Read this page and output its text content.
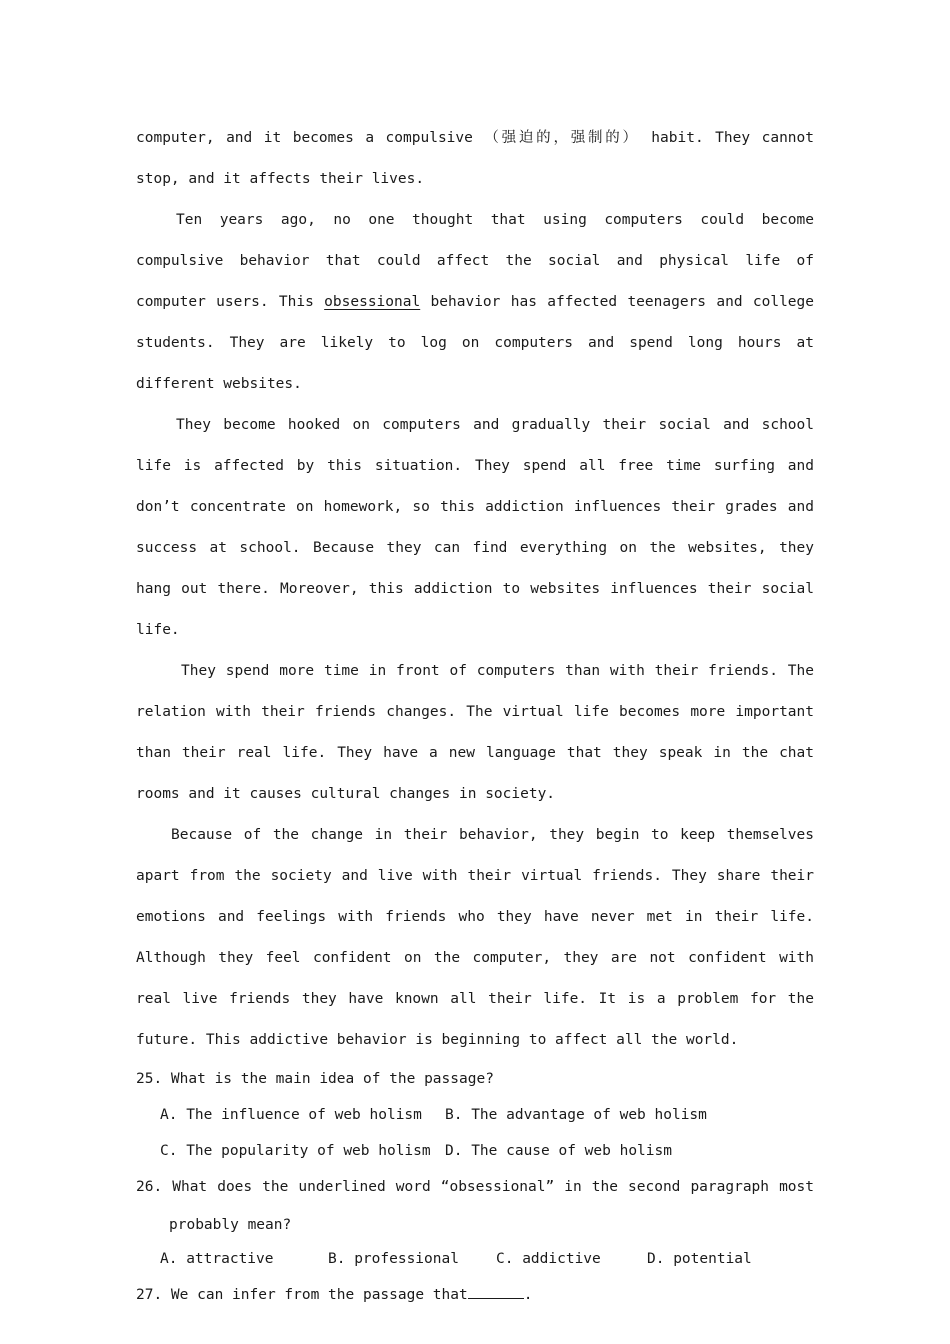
computer, and it becomes a compulsive （强迫的，强制的） habit. They cannot stop, and it affects their lives.

Ten years ago, no one thought that using computers could become compulsive behavior that could affect the social and physical life of computer users. This obsessional behavior has affected teenagers and college students. They are likely to log on computers and spend long hours at different websites.

They become hooked on computers and gradually their social and school life is affected by this situation. They spend all free time surfing and don’t concentrate on homework, so this addiction influences their grades and success at school. Because they can find everything on the websites, they hang out there. Moreover, this addiction to websites influences their social life.

They spend more time in front of computers than with their friends. The relation with their friends changes. The virtual life becomes more important than their real life. They have a new language that they speak in the chat rooms and it causes cultural changes in society.

Because of the change in their behavior, they begin to keep themselves apart from the society and live with their virtual friends. They share their emotions and feelings with friends who they have never met in their life. Although they feel confident on the computer, they are not confident with real live friends they have known all their life. It is a problem for the future. This addictive behavior is beginning to affect all the world.

25. What is the main idea of the passage?

A. The influence of web holism	B. The advantage of web holism
C. The popularity of web holism D. The cause of web holism

26. What does the underlined word “obsessional” in the second paragraph most

probably mean?

A. attractive	B. professional	C. addictive	D. potential

27. We can infer from the passage that	.
